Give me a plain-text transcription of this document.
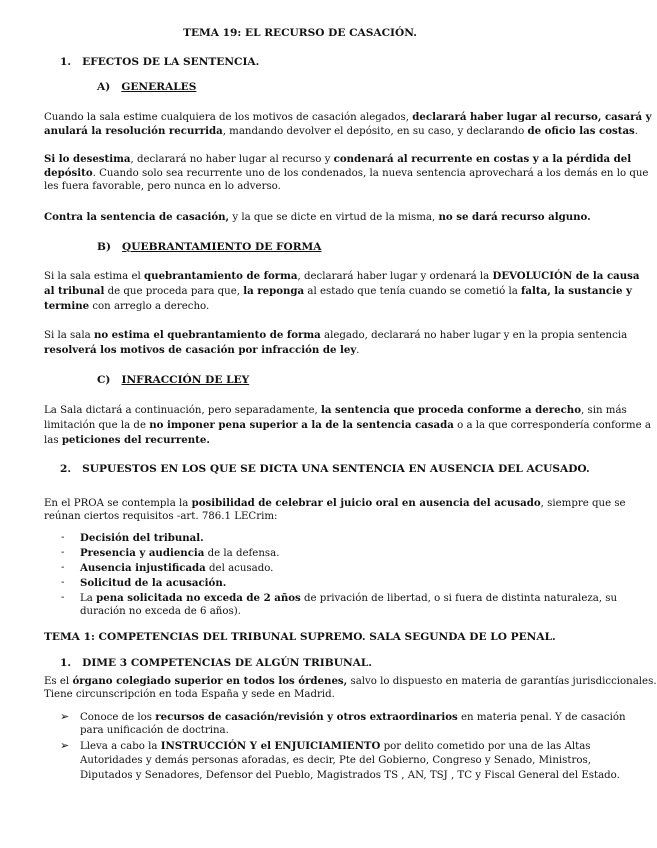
TEMA 19: EL RECURSO DE CASACIÓN.
1. EFECTOS DE LA SENTENCIA.
A) GENERALES
Cuando la sala estime cualquiera de los motivos de casación alegados, declarará haber lugar al recurso, casará y
anulará la resolución recurrida, mandando devolver el depósito, en su caso, y declarando de oficio las costas.
Si lo desestima, declarará no haber lugar al recurso y condenará al recurrente en costas y a la pérdida del
depósito. Cuando solo sea recurrente uno de los condenados, la nueva sentencia aprovechará a los demás en lo que
les fuera favorable, pero nunca en lo adverso.
Contra la sentencia de casación, y la que se dicte en virtud de la misma, no se dará recurso alguno.
B) QUEBRANTAMIENTO DE FORMA
Si la sala estima el quebrantamiento de forma, declarará haber lugar y ordenará la DEVOLUCIÓN de la causa
al tribunal de que proceda para que, la reponga al estado que tenía cuando se cometió la falta, la sustancie y
termine con arreglo a derecho.
Si la sala no estima el quebrantamiento de forma alegado, declarará no haber lugar y en la propia sentencia
resolverá los motivos de casación por infracción de ley.
C) INFRACCIÓN DE LEY
La Sala dictará a continuación, pero separadamente, la sentencia que proceda conforme a derecho, sin más
limitación que la de no imponer pena superior a la de la sentencia casada o a la que correspondería conforme a
las peticiones del recurrente.
2. SUPUESTOS EN LOS QUE SE DICTA UNA SENTENCIA EN AUSENCIA DEL ACUSADO.
En el PROA se contempla la posibilidad de celebrar el juicio oral en ausencia del acusado, siempre que se
reúnan ciertos requisitos -art. 786.1 LECrim:
- Decisión del tribunal.
- Presencia y audiencia de la defensa.
- Ausencia injustificada del acusado.
- Solicitud de la acusación.
- La pena solicitada no exceda de 2 años de privación de libertad, o si fuera de distinta naturaleza, su
duración no exceda de 6 años).
TEMA 1: COMPETENCIAS DEL TRIBUNAL SUPREMO. SALA SEGUNDA DE LO PENAL.
1. DIME 3 COMPETENCIAS DE ALGÚN TRIBUNAL.
Es el órgano colegiado superior en todos los órdenes, salvo lo dispuesto en materia de garantías jurisdiccionales.
Tiene circunscripción en toda España y sede en Madrid.
➢ Conoce de los recursos de casación/revisión y otros extraordinarios en materia penal. Y de casación
para unificación de doctrina.
➢ Lleva a cabo la INSTRUCCIÓN Y el ENJUICIAMIENTO por delito cometido por una de las Altas
Autoridades y demás personas aforadas, es decir, Pte del Gobierno, Congreso y Senado, Ministros,
Diputados y Senadores, Defensor del Pueblo, Magistrados TS , AN, TSJ , TC y Fiscal General del Estado.
